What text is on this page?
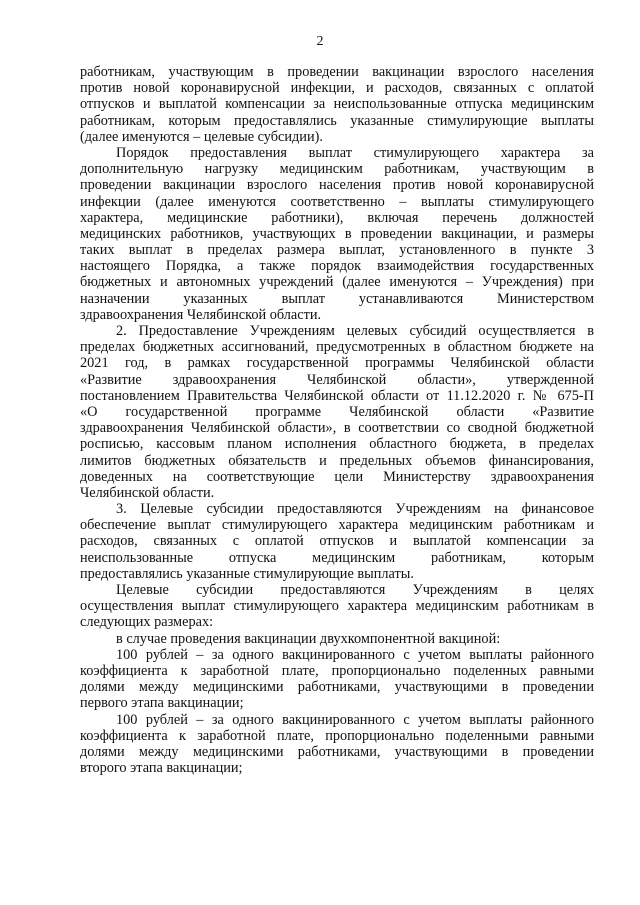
2
работникам, участвующим в проведении вакцинации взрослого населения
против новой коронавирусной инфекции, и расходов, связанных с оплатой
отпусков и выплатой компенсации за неиспользованные отпуска медицинским
работникам, которым предоставлялись указанные стимулирующие выплаты
(далее именуются – целевые субсидии).
Порядок предоставления выплат стимулирующего характера за
дополнительную нагрузку медицинским работникам, участвующим в
проведении вакцинации взрослого населения против новой коронавирусной
инфекции (далее именуются соответственно – выплаты стимулирующего
характера, медицинские работники), включая перечень должностей
медицинских работников, участвующих в проведении вакцинации, и размеры
таких выплат в пределах размера выплат, установленного в пункте 3
настоящего Порядка, а также порядок взаимодействия государственных
бюджетных и автономных учреждений (далее именуются – Учреждения) при
назначении указанных выплат устанавливаются Министерством
здравоохранения Челябинской области.
2. Предоставление Учреждениям целевых субсидий осуществляется в
пределах бюджетных ассигнований, предусмотренных в областном бюджете на
2021 год, в рамках государственной программы Челябинской области
«Развитие здравоохранения Челябинской области», утвержденной
постановлением Правительства Челябинской области от 11.12.2020 г. № 675-П
«О государственной программе Челябинской области «Развитие
здравоохранения Челябинской области», в соответствии со сводной бюджетной
росписью, кассовым планом исполнения областного бюджета, в пределах
лимитов бюджетных обязательств и предельных объемов финансирования,
доведенных на соответствующие цели Министерству здравоохранения
Челябинской области.
3. Целевые субсидии предоставляются Учреждениям на финансовое
обеспечение выплат стимулирующего характера медицинским работникам и
расходов, связанных с оплатой отпусков и выплатой компенсации за
неиспользованные отпуска медицинским работникам, которым
предоставлялись указанные стимулирующие выплаты.
Целевые субсидии предоставляются Учреждениям в целях
осуществления выплат стимулирующего характера медицинским работникам в
следующих размерах:
в случае проведения вакцинации двухкомпонентной вакциной:
100 рублей – за одного вакцинированного с учетом выплаты районного
коэффициента к заработной плате, пропорционально поделенных равными
долями между медицинскими работниками, участвующими в проведении
первого этапа вакцинации;
100 рублей – за одного вакцинированного с учетом выплаты районного
коэффициента к заработной плате, пропорционально поделенными равными
долями между медицинскими работниками, участвующими в проведении
второго этапа вакцинации;
